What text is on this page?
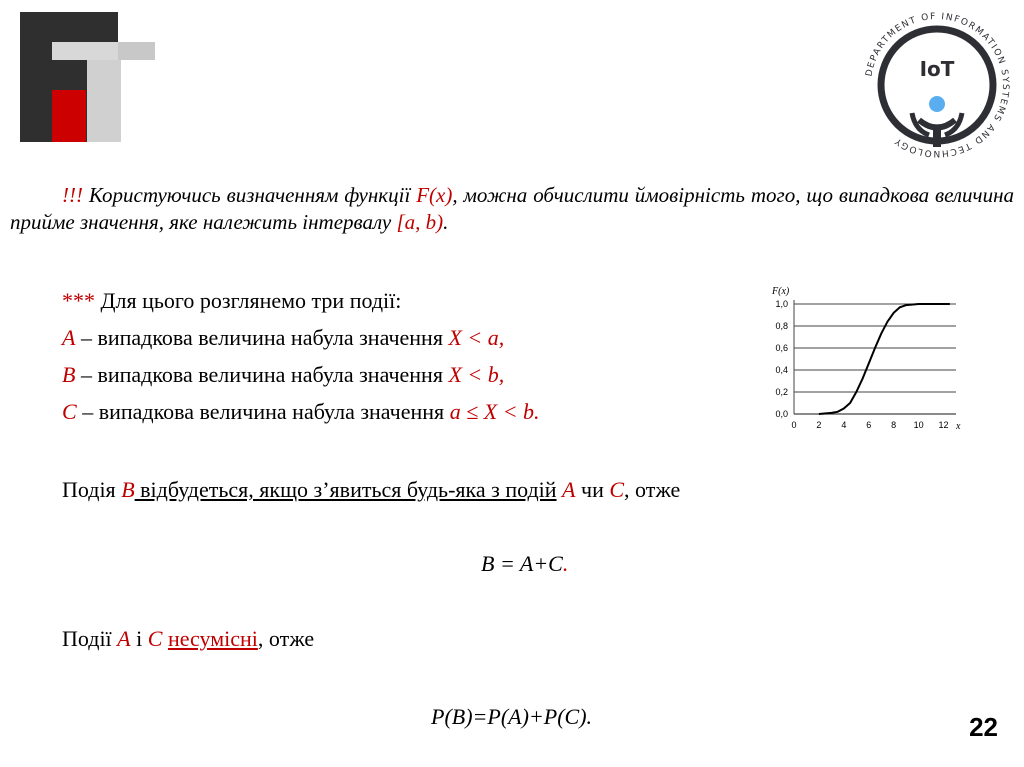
DEPARTMENT OF INFORMATION SYSTEMS AND TECHNOLOGY
IoT
!!! Користуючись визначенням функції F(x), можна обчислити ймовірність того, що випадкова величина прийме значення, яке належить інтервалу [a, b).
*** Для цього розглянемо три події:
A – випадкова величина набула значення X < a,
B – випадкова величина набула значення X < b,
C – випадкова величина набула значення a ≤ X < b.	0,0
0,2
0,4
0,6
0,8
1,0
0 2 4 6 8 10 12
F(x)
x
Подія B відбудеться, якщо з’явиться будь-яка з подій A чи C, отже
B = A+C.
Події A і C несумісні, отже
P(B)=P(A)+P(C).	22
